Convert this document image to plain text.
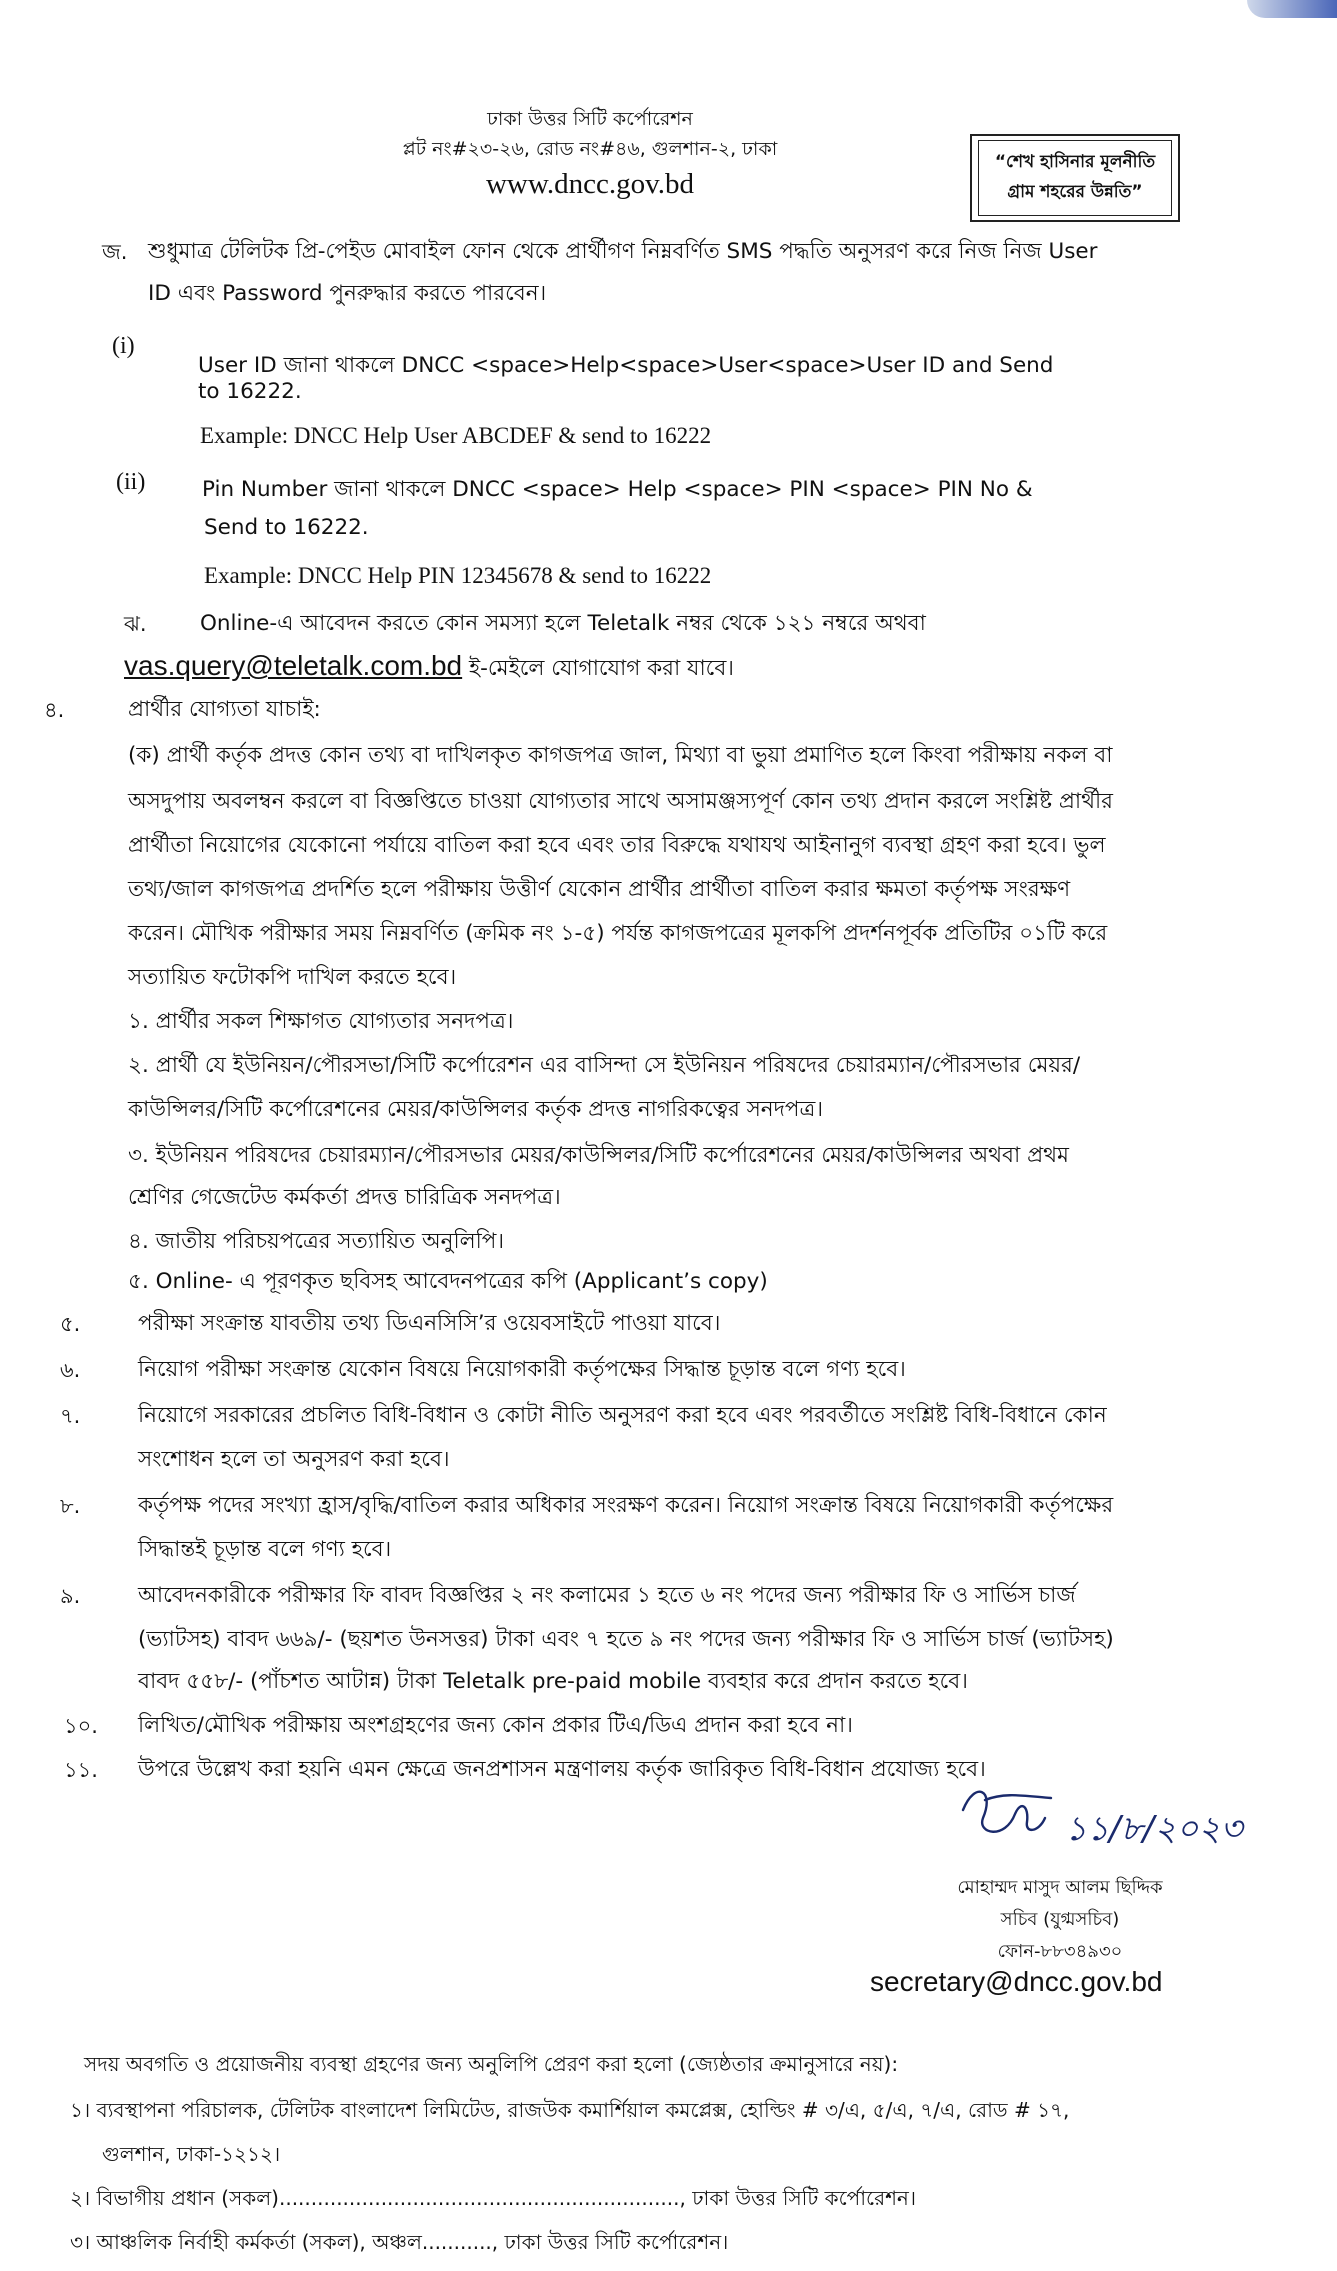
ঢাকা উত্তর সিটি কর্পোরেশন
প্লট নং#২৩-২৬, রোড নং#৪৬, গুলশান-২, ঢাকা
www.dncc.gov.bd
“শেখ হাসিনার মূলনীতি
গ্রাম শহরের উন্নতি”
জ. শুধুমাত্র টেলিটক প্রি-পেইড মোবাইল ফোন থেকে প্রার্থীগণ নিম্নবর্ণিত SMS পদ্ধতি অনুসরণ করে নিজ নিজ User
ID এবং Password পুনরুদ্ধার করতে পারবেন।
(i)
User ID জানা থাকলে DNCC <space>Help<space>User<space>User ID and Send
to 16222.
Example: DNCC Help User ABCDEF & send to 16222
(ii)	Pin Number জানা থাকলে DNCC <space> Help <space> PIN <space> PIN No &
Send to 16222.
Example: DNCC Help PIN 12345678 & send to 16222
ঝ. Online-এ আবেদন করতে কোন সমস্যা হলে Teletalk নম্বর থেকে ১২১ নম্বরে অথবা
vas.query@teletalk.com.bd ই-মেইলে যোগাযোগ করা যাবে।
৪.	প্রার্থীর যোগ্যতা যাচাই:
(ক) প্রার্থী কর্তৃক প্রদত্ত কোন তথ্য বা দাখিলকৃত কাগজপত্র জাল, মিথ্যা বা ভুয়া প্রমাণিত হলে কিংবা পরীক্ষায় নকল বা
অসদুপায় অবলম্বন করলে বা বিজ্ঞপ্তিতে চাওয়া যোগ্যতার সাথে অসামঞ্জস্যপূর্ণ কোন তথ্য প্রদান করলে সংশ্লিষ্ট প্রার্থীর
প্রার্থীতা নিয়োগের যেকোনো পর্যায়ে বাতিল করা হবে এবং তার বিরুদ্ধে যথাযথ আইনানুগ ব্যবস্থা গ্রহণ করা হবে। ভুল
তথ্য/জাল কাগজপত্র প্রদর্শিত হলে পরীক্ষায় উত্তীর্ণ যেকোন প্রার্থীর প্রার্থীতা বাতিল করার ক্ষমতা কর্তৃপক্ষ সংরক্ষণ
করেন। মৌখিক পরীক্ষার সময় নিম্নবর্ণিত (ক্রমিক নং ১-৫) পর্যন্ত কাগজপত্রের মূলকপি প্রদর্শনপূর্বক প্রতিটির ০১টি করে
সত্যায়িত ফটোকপি দাখিল করতে হবে।
১. প্রার্থীর সকল শিক্ষাগত যোগ্যতার সনদপত্র।
২. প্রার্থী যে ইউনিয়ন/পৌরসভা/সিটি কর্পোরেশন এর বাসিন্দা সে ইউনিয়ন পরিষদের চেয়ারম্যান/পৌরসভার মেয়র/
কাউন্সিলর/সিটি কর্পোরেশনের মেয়র/কাউন্সিলর কর্তৃক প্রদত্ত নাগরিকত্বের সনদপত্র।
৩. ইউনিয়ন পরিষদের চেয়ারম্যান/পৌরসভার মেয়র/কাউন্সিলর/সিটি কর্পোরেশনের মেয়র/কাউন্সিলর অথবা প্রথম
শ্রেণির গেজেটেড কর্মকর্তা প্রদত্ত চারিত্রিক সনদপত্র।
৪. জাতীয় পরিচয়পত্রের সত্যায়িত অনুলিপি।
৫. Online- এ পূরণকৃত ছবিসহ আবেদনপত্রের কপি (Applicant’s copy)
৫.	পরীক্ষা সংক্রান্ত যাবতীয় তথ্য ডিএনসিসি’র ওয়েবসাইটে পাওয়া যাবে।
৬.	নিয়োগ পরীক্ষা সংক্রান্ত যেকোন বিষয়ে নিয়োগকারী কর্তৃপক্ষের সিদ্ধান্ত চূড়ান্ত বলে গণ্য হবে।
৭.	নিয়োগে সরকারের প্রচলিত বিধি-বিধান ও কোটা নীতি অনুসরণ করা হবে এবং পরবর্তীতে সংশ্লিষ্ট বিধি-বিধানে কোন
সংশোধন হলে তা অনুসরণ করা হবে।
৮.	কর্তৃপক্ষ পদের সংখ্যা হ্রাস/বৃদ্ধি/বাতিল করার অধিকার সংরক্ষণ করেন। নিয়োগ সংক্রান্ত বিষয়ে নিয়োগকারী কর্তৃপক্ষের
সিদ্ধান্তই চূড়ান্ত বলে গণ্য হবে।
৯.	আবেদনকারীকে পরীক্ষার ফি বাবদ বিজ্ঞপ্তির ২ নং কলামের ১ হতে ৬ নং পদের জন্য পরীক্ষার ফি ও সার্ভিস চার্জ
(ভ্যাটসহ) বাবদ ৬৬৯/- (ছয়শত উনসত্তর) টাকা এবং ৭ হতে ৯ নং পদের জন্য পরীক্ষার ফি ও সার্ভিস চার্জ (ভ্যাটসহ)
বাবদ ৫৫৮/- (পাঁচশত আটান্ন) টাকা Teletalk pre-paid mobile ব্যবহার করে প্রদান করতে হবে।
১০. লিখিত/মৌখিক পরীক্ষায় অংশগ্রহণের জন্য কোন প্রকার টিএ/ডিএ প্রদান করা হবে না।
১১. উপরে উল্লেখ করা হয়নি এমন ক্ষেত্রে জনপ্রশাসন মন্ত্রণালয় কর্তৃক জারিকৃত বিধি-বিধান প্রযোজ্য হবে।
১১/৮/২০২৩
মোহাম্মদ মাসুদ আলম ছিদ্দিক
সচিব (যুগ্মসচিব)
ফোন-৮৮৩৪৯৩০
secretary@dncc.gov.bd
সদয় অবগতি ও প্রয়োজনীয় ব্যবস্থা গ্রহণের জন্য অনুলিপি প্রেরণ করা হলো (জ্যেষ্ঠতার ক্রমানুসারে নয়):
১। ব্যবস্থাপনা পরিচালক, টেলিটক বাংলাদেশ লিমিটেড, রাজউক কমার্শিয়াল কমপ্লেক্স, হোল্ডিং # ৩/এ, ৫/এ, ৭/এ, রোড # ১৭,
গুলশান, ঢাকা-১২১২।
২। বিভাগীয় প্রধান (সকল)..............................................................., ঢাকা উত্তর সিটি কর্পোরেশন।
৩। আঞ্চলিক নির্বাহী কর্মকর্তা (সকল), অঞ্চল..........., ঢাকা উত্তর সিটি কর্পোরেশন।
